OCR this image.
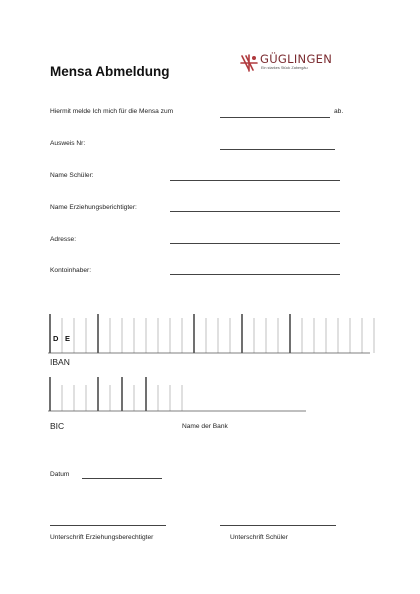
GÜGLINGEN
Ein starkes Stück Zabergäu
Mensa Abmeldung
Hiermit melde Ich mich für die Mensa zum	ab.
Ausweis Nr:
Name Schüler:
Name Erziehungsberichtigter:
Adresse:
Kontoinhaber:
D E
IBAN
BIC	Name der Bank
Datum
Unterschrift Erziehungsberechtigter	Unterschrift Schüler
